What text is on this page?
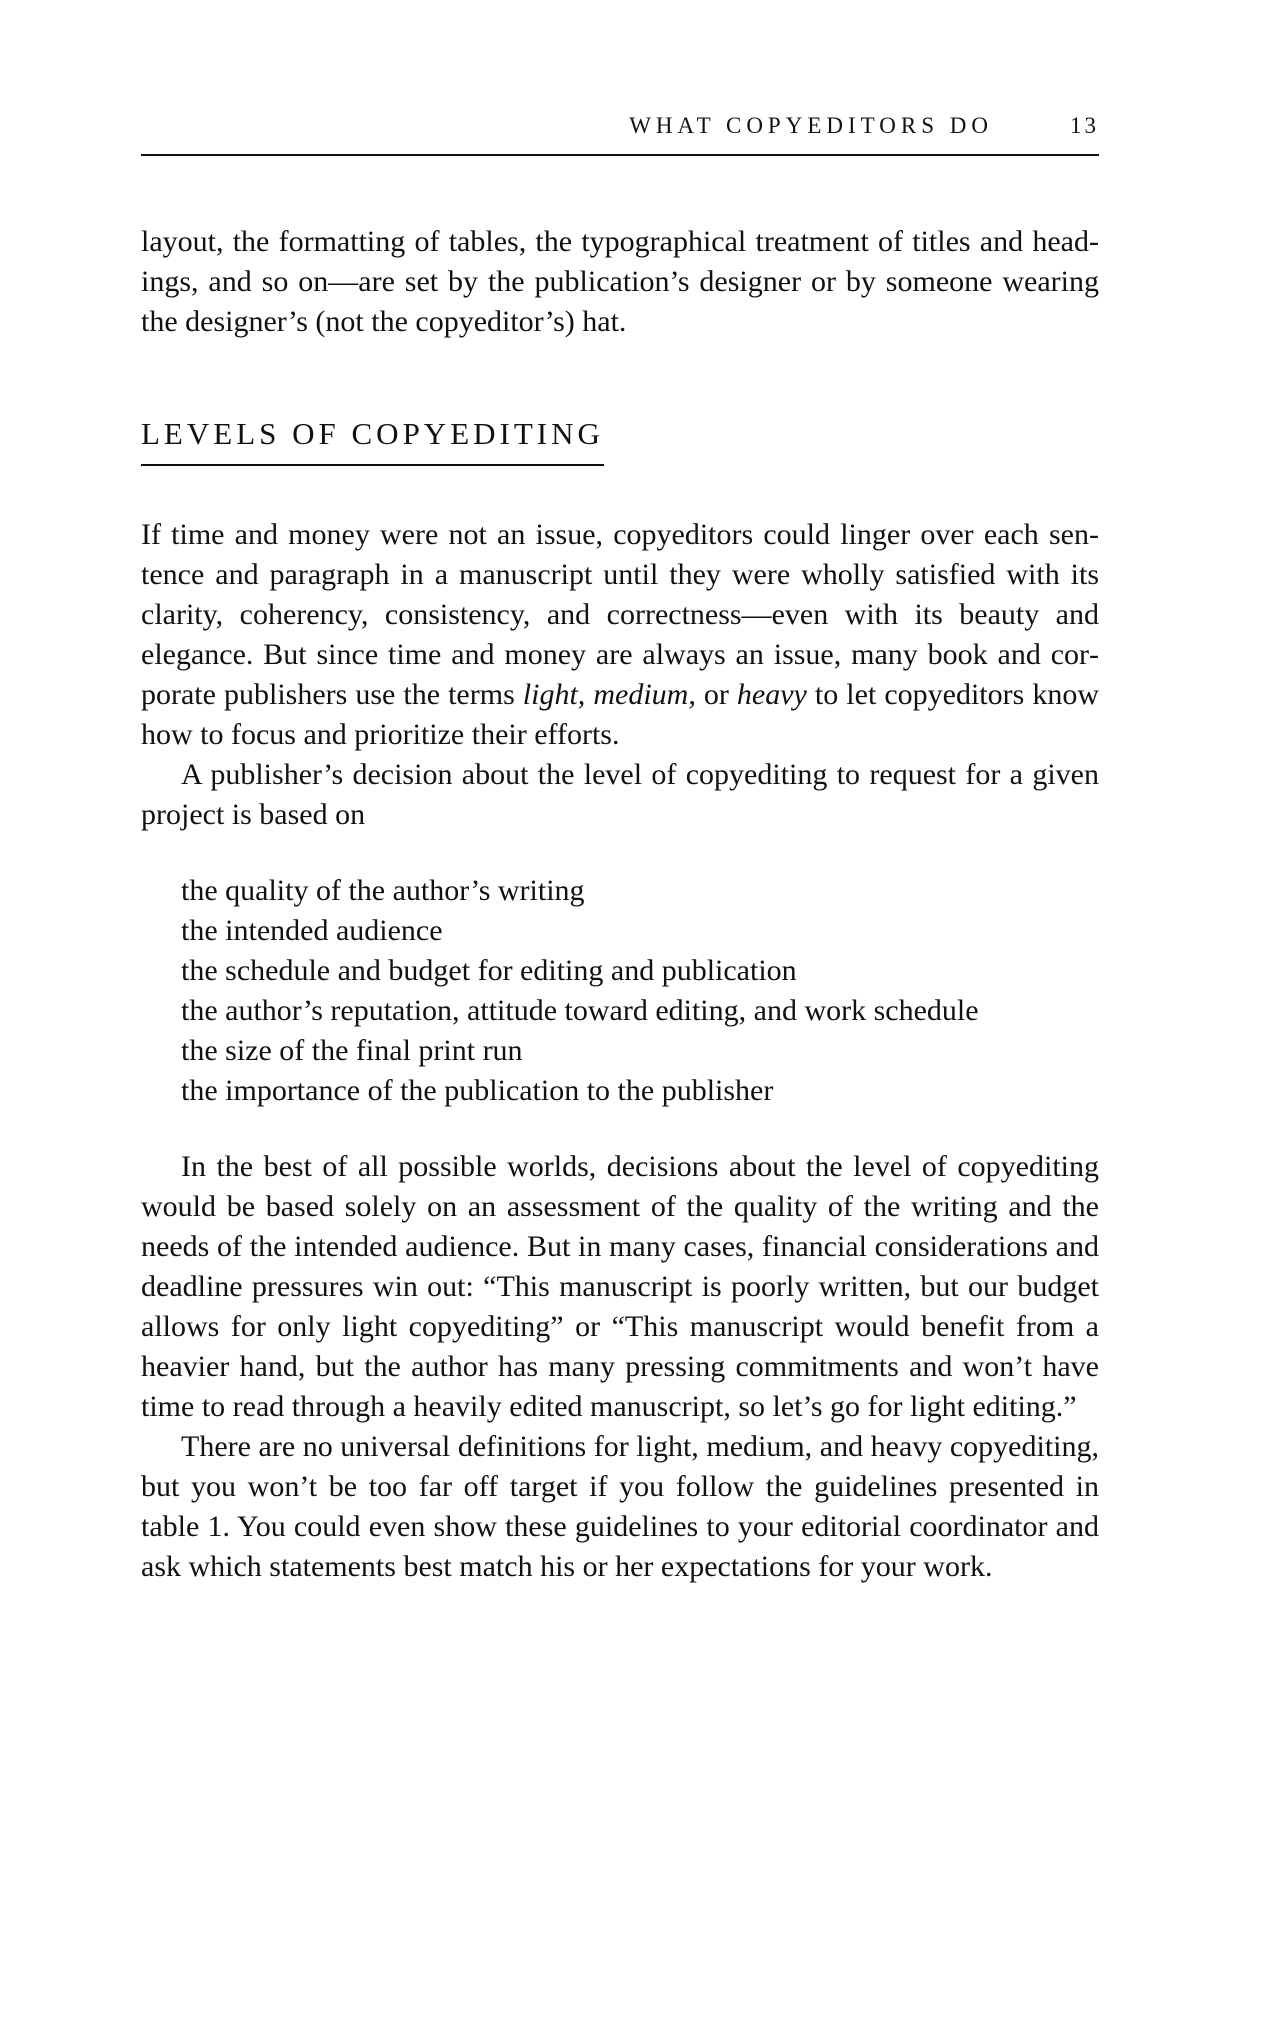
WHAT COPYEDITORS DO	13

layout, the formatting of tables, the typographical treatment of titles and headings, and so on—are set by the publication’s designer or by someone wearing the designer’s (not the copyeditor’s) hat.

LEVELS OF COPYEDITING

If time and money were not an issue, copyeditors could linger over each sentence and paragraph in a manuscript until they were wholly satisfied with its clarity, coherency, consistency, and correctness—even with its beauty and elegance. But since time and money are always an issue, many book and corporate publishers use the terms light, medium, or heavy to let copyeditors know how to focus and prioritize their efforts.

A publisher’s decision about the level of copyediting to request for a given project is based on

the quality of the author’s writing
the intended audience
the schedule and budget for editing and publication
the author’s reputation, attitude toward editing, and work schedule
the size of the final print run
the importance of the publication to the publisher

In the best of all possible worlds, decisions about the level of copyediting would be based solely on an assessment of the quality of the writing and the needs of the intended audience. But in many cases, financial considerations and deadline pressures win out: “This manuscript is poorly written, but our budget allows for only light copyediting” or “This manuscript would benefit from a heavier hand, but the author has many pressing commitments and won’t have time to read through a heavily edited manuscript, so let’s go for light editing.”

There are no universal definitions for light, medium, and heavy copyediting, but you won’t be too far off target if you follow the guidelines presented in table 1. You could even show these guidelines to your editorial coordinator and ask which statements best match his or her expectations for your work.
